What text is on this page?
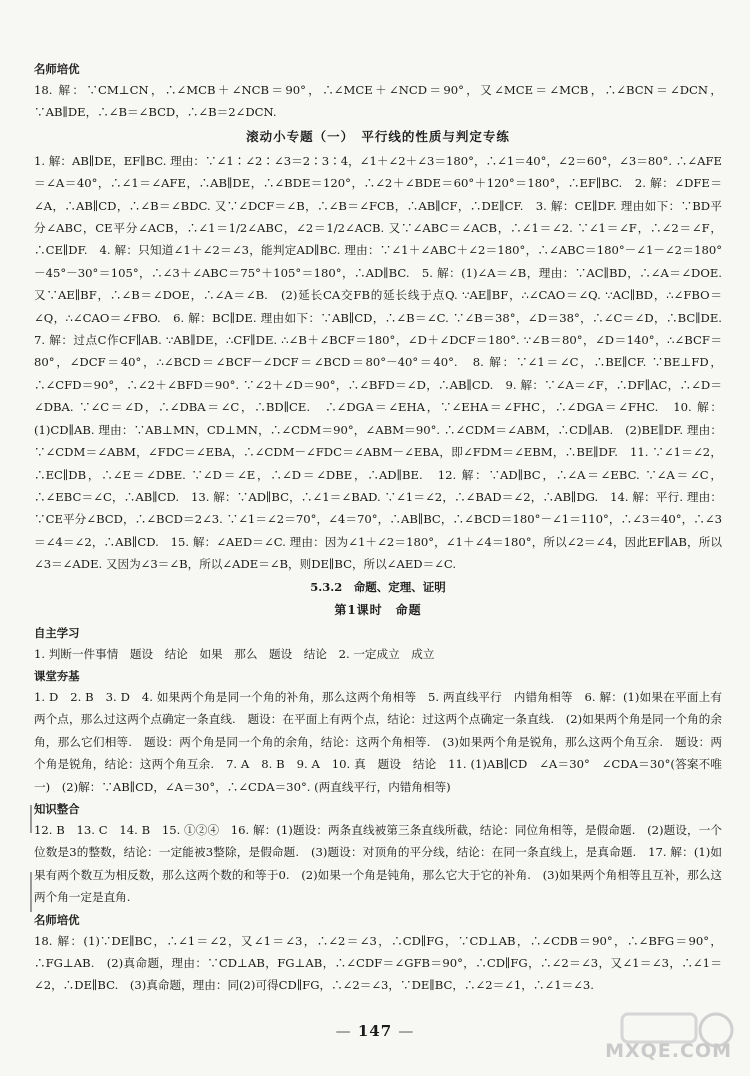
名师培优

18. 解：∵CM⊥CN，∴∠MCB＋∠NCB＝90°，∴∠MCE＋∠NCD＝90°，又∠MCE＝∠MCB，∴∠BCN＝∠DCN，∵AB∥DE，∴∠B＝∠BCD，∴∠B＝2∠DCN.

滚动小专题（一）　平行线的性质与判定专练

1. 解：AB∥DE，EF∥BC. 理由：∵∠1∶∠2∶∠3＝2∶3∶4，∠1＋∠2＋∠3＝180°，∴∠1＝40°，∠2＝60°，∠3＝80°. ∴∠AFE＝∠A＝40°，∴∠1＝∠AFE，∴AB∥DE，∴∠BDE＝120°，∴∠2＋∠BDE＝60°＋120°＝180°，∴EF∥BC.　2. 解：∠DFE＝∠A，∴AB∥CD，∴∠B＝∠BDC. 又∵∠DCF＝∠B，∴∠B＝∠FCB，∴AB∥CF，∴DE∥CF.　3. 解：CE∥DF. 理由如下：∵BD平分∠ABC，CE平分∠ACB，∴∠1＝1/2∠ABC，∠2＝1/2∠ACB. 又∵∠ABC＝∠ACB，∴∠1＝∠2. ∵∠1＝∠F，∴∠2＝∠F，∴CE∥DF.　4. 解：只知道∠1＋∠2＝∠3，能判定AD∥BC. 理由：∵∠1＋∠ABC＋∠2＝180°，∴∠ABC＝180°－∠1－∠2＝180°－45°－30°＝105°，∴∠3＋∠ABC＝75°＋105°＝180°，∴AD∥BC.　5. 解：(1)∠A＝∠B，理由：∵AC∥BD，∴∠A＝∠DOE. 又∵AE∥BF，∴∠B＝∠DOE，∴∠A＝∠B.　(2)延长CA交FB的延长线于点Q. ∵AE∥BF，∴∠CAO＝∠Q. ∵AC∥BD，∴∠FBO＝∠Q，∴∠CAO＝∠FBO.　6. 解：BC∥DE. 理由如下：∵AB∥CD，∴∠B＝∠C. ∵∠B＝38°，∠D＝38°，∴∠C＝∠D，∴BC∥DE.　7. 解：过点C作CF∥AB. ∵AB∥DE，∴CF∥DE. ∴∠B＋∠BCF＝180°，∠D＋∠DCF＝180°. ∵∠B＝80°，∠D＝140°，∴∠BCF＝80°，∠DCF＝40°，∴∠BCD＝∠BCF－∠DCF＝∠BCD＝80°－40°＝40°.　8. 解：∵∠1＝∠C，∴BE∥CF. ∵BE⊥FD，∴∠CFD＝90°，∴∠2＋∠BFD＝90°. ∵∠2＋∠D＝90°，∴∠BFD＝∠D，∴AB∥CD.　9. 解：∵∠A＝∠F，∴DF∥AC，∴∠D＝∠DBA. ∵∠C＝∠D，∴∠DBA＝∠C，∴BD∥CE.　∴∠DGA＝∠EHA，∵∠EHA＝∠FHC，∴∠DGA＝∠FHC.　10. 解：(1)CD∥AB. 理由：∵AB⊥MN，CD⊥MN，∴∠CDM＝90°，∠ABM＝90°. ∴∠CDM＝∠ABM，∴CD∥AB.　(2)BE∥DF. 理由：∵∠CDM＝∠ABM，∠FDC＝∠EBA，∴∠CDM－∠FDC＝∠ABM－∠EBA，即∠FDM＝∠EBM，∴BE∥DF.　11. ∵∠1＝∠2，∴EC∥DB，∴∠E＝∠DBE. ∵∠D＝∠E，∴∠D＝∠DBE，∴AD∥BE.　12. 解：∵AD∥BC，∴∠A＝∠EBC. ∵∠A＝∠C，∴∠EBC＝∠C，∴AB∥CD.　13. 解：∵AD∥BC，∴∠1＝∠BAD. ∵∠1＝∠2，∴∠BAD＝∠2，∴AB∥DG.　14. 解：平行. 理由：∵CE平分∠BCD，∴∠BCD＝2∠3. ∵∠1＝∠2＝70°，∠4＝70°，∴AB∥BC，∴∠BCD＝180°－∠1＝110°，∴∠3＝40°，∴∠3＝∠4＝∠2，∴AB∥CD.　15. 解：∠AED＝∠C. 理由：因为∠1＋∠2＝180°，∠1＋∠4＝180°，所以∠2＝∠4，因此EF∥AB，所以∠3＝∠ADE. 又因为∠3＝∠B，所以∠ADE＝∠B，则DE∥BC，所以∠AED＝∠C.

5.3.2　命题、定理、证明
第1课时　命题
自主学习

1. 判断一件事情　题设　结论　如果　那么　题设　结论　2. 一定成立　成立

课堂夯基

1. D　2. B　3. D　4. 如果两个角是同一个角的补角，那么这两个角相等　5. 两直线平行　内错角相等　6. 解：(1)如果在平面上有两个点，那么过这两个点确定一条直线.　题设：在平面上有两个点，结论：过这两个点确定一条直线.　(2)如果两个角是同一个角的余角，那么它们相等.　题设：两个角是同一个角的余角，结论：这两个角相等.　(3)如果两个角是锐角，那么这两个角互余.　题设：两个角是锐角，结论：这两个角互余.　7. A　8. B　9. A　10. 真　题设　结论　11. (1)AB∥CD　∠A＝30°　∠CDA＝30°(答案不唯一)　(2)解：∵AB∥CD，∠A＝30°，∴∠CDA＝30°. (两直线平行，内错角相等)

知识整合

12. B　13. C　14. B　15. ①②④　16. 解：(1)题设：两条直线被第三条直线所截，结论：同位角相等，是假命题.　(2)题设，一个位数是3的整数，结论：一定能被3整除，是假命题.　(3)题设：对顶角的平分线，结论：在同一条直线上，是真命题.　17. 解：(1)如果有两个数互为相反数，那么这两个数的和等于0.　(2)如果一个角是钝角，那么它大于它的补角.　(3)如果两个角相等且互补，那么这两个角一定是直角.

名师培优

18. 解：(1)∵DE∥BC，∴∠1＝∠2，又∠1＝∠3，∴∠2＝∠3，∴CD∥FG，∵CD⊥AB，∴∠CDB＝90°，∴∠BFG＝90°，∴FG⊥AB.　(2)真命题，理由：∵CD⊥AB，FG⊥AB，∴∠CDF＝∠GFB＝90°，∴CD∥FG，∴∠2＝∠3，又∠1＝∠3，∴∠1＝∠2，∴DE∥BC.　(3)真命题，理由：同(2)可得CD∥FG，∴∠2＝∠3，∵DE∥BC，∴∠2＝∠1，∴∠1＝∠3.

— 147 —
MXQE.COM
